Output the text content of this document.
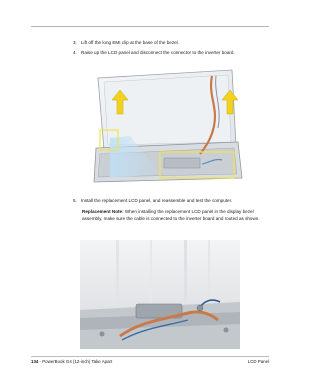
3. Lift off the long EMI clip at the base of the bezel.
4. Raise up the LCD panel and disconnect the connector to the inverter board.
5. Install the replacement LCD panel, and reassemble and test the computer.
Replacement Note: When installing the replacement LCD panel in the display bezel assembly, make sure the cable is connected to the inverter board and routed as shown.
134 - PowerBook G4 (12-inch) Take Apart	LCD Panel
